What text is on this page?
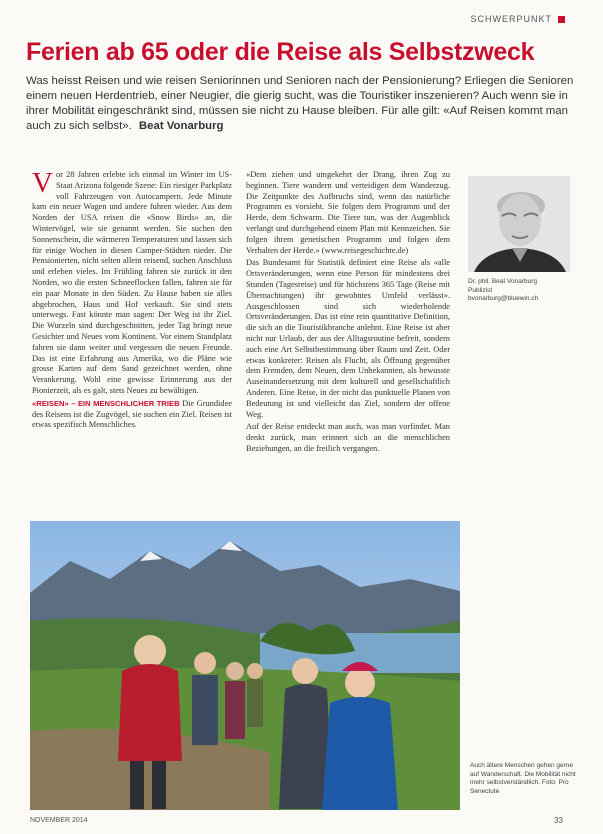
SCHWERPUNKT
Ferien ab 65 oder die Reise als Selbstzweck

Was heisst Reisen und wie reisen Seniorinnen und Senioren nach der Pensionierung? Erliegen die Senioren einem neuen Herdentrieb, einer Neugier, die gierig sucht, was die Touristiker inszenieren? Auch wenn sie in ihrer Mobilität eingeschränkt sind, müssen sie nicht zu Hause bleiben. Für alle gilt: «Auf Reisen kommt man auch zu sich selbst». Beat Vonarburg

Vor 28 Jahren erlebte ich einmal im Winter im US-Staat Arizona folgende Szene: Ein riesiger Parkplatz voll Fahrzeugen von Autocampern. Jede Minute kam ein neuer Wagen und andere fuhren wieder. Aus dem Norden der USA reisen die «Snow Birds» an, die Wintervögel, wie sie genannt werden. Sie suchen den Sonnenschein, die wärmeren Temperaturen und lassen sich für einige Wochen in diesen Camper-Städten nieder. Die Pensionierten, nicht selten allein reisend, suchen Anschluss und erleben vieles. Im Frühling fahren sie zurück in den Norden, wo die ersten Schneeflocken fallen, fahren sie für ein paar Monate in den Süden. Zu Hause haben sie alles abgebrochen, Haus und Hof verkauft. Sie sind stets unterwegs. Fast könnte man sagen: Der Weg ist ihr Ziel. Die Wurzeln sind durchgeschnitten, jeder Tag bringt neue Gesichter und Neues vom Kontinent. Vor einem Standplatz fahren sie dann weiter und vergessen die neuen Freunde. Das ist eine Erfahrung aus Amerika, wo die Pläne wie grosse Karten auf dem Sand gezeichnet werden, ohne Verankerung. Wohl eine gewisse Erinnerung aus der Pionierzeit, als es galt, stets Neues zu bewältigen.

«REISEN» – EIN MENSCHLICHER TRIEB Die Grundidee des Reisens ist die Zugvögel, sie suchen ein Ziel. Reisen ist etwas spezifisch Menschliches.

«Dem ziehen und umgekehrt der Drang, ihren Zug zu beginnen. Tiere wandern und verteidigen dem Wanderzug. Die Zeitpunkte des Aufbruchs sind, wenn das natürliche Programm es vorsieht. Sie folgen dem Programm und der Herde, dem Schwarm. Die Tiere tun, was der Augenblick verlangt und durchgehend einem Plan mit Kennzeichen. Sie folgen ihrem genetischen Programm und folgen dem Verhalten der Herde.» (www.reisegeschichte.de)

Das Bundesamt für Statistik definiert eine Reise als «alle Ortsveränderungen, wenn eine Person für mindestens drei Stunden (Tagesreise) und für höchstens 365 Tage (Reise mit Übernachtungen) ihr gewohntes Umfeld verlässt». Ausgeschlossen sind sich wiederholende Ortsveränderungen. Das ist eine rein quantitative Definition, die sich an die Touristikbranche anlehnt. Eine Reise ist aber nicht nur Urlaub, der aus der Alltagsroutine befreit, sondern auch eine Art Selbstbestimmung über Raum und Zeit. Oder etwas konkreter: Reisen als Flucht, als Öffnung gegenüber dem Fremden, dem Neuen, dem Unbekannten, als bewusste Auseinandersetzung mit dem kulturell und gesellschaftlich Anderen. Eine Reise, in der nicht das punktuelle Planen von Bedeutung ist und vielleicht das Ziel, sondern der offene Weg.

Auf der Reise entdeckt man auch, was man vorfindet. Man denkt zurück, man erinnert sich an die menschlichen Beziehungen, an die freilich vergangen.

Dr. phil. Beat Vonarburg
Publizist
bvonarburg@bluewin.ch
Auch ältere Menschen gehen gerne auf Wanderschaft. Die Mobilität nicht mehr selbstverständlich. Foto: Pro Senectute
NOVEMBER 2014	33
